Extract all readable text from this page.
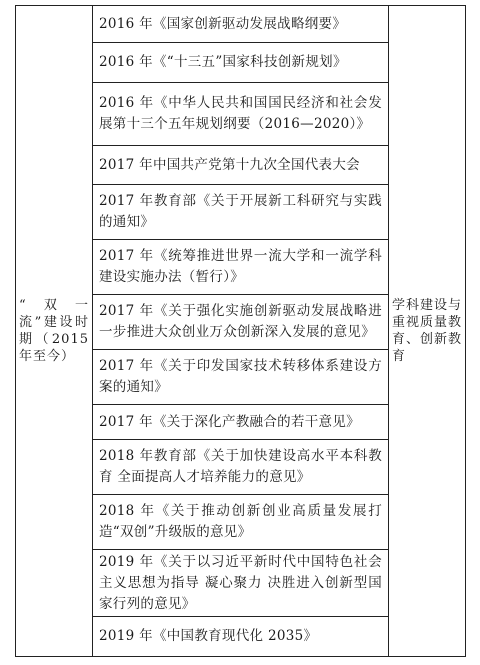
“双一流”建设时期（2015 年至今）
2016 年《国家创新驱动发展战略纲要》
2016 年《“十三五”国家科技创新规划》
2016 年《中华人民共和国国民经济和社会发展第十三个五年规划纲要（2016—2020）》
2017 年中国共产党第十九次全国代表大会
2017 年教育部《关于开展新工科研究与实践的通知》
2017 年《统筹推进世界一流大学和一流学科建设实施办法（暂行）》
2017 年《关于强化实施创新驱动发展战略进一步推进大众创业万众创新深入发展的意见》
2017 年《关于印发国家技术转移体系建设方案的通知》
2017 年《关于深化产教融合的若干意见》
2018 年教育部《关于加快建设高水平本科教育 全面提高人才培养能力的意见》
2018 年《关于推动创新创业高质量发展打造“双创”升级版的意见》
2019 年《关于以习近平新时代中国特色社会主义思想为指导 凝心聚力 决胜进入创新型国家行列的意见》
2019 年《中国教育现代化 2035》
学科建设与重视质量教育、创新教育
